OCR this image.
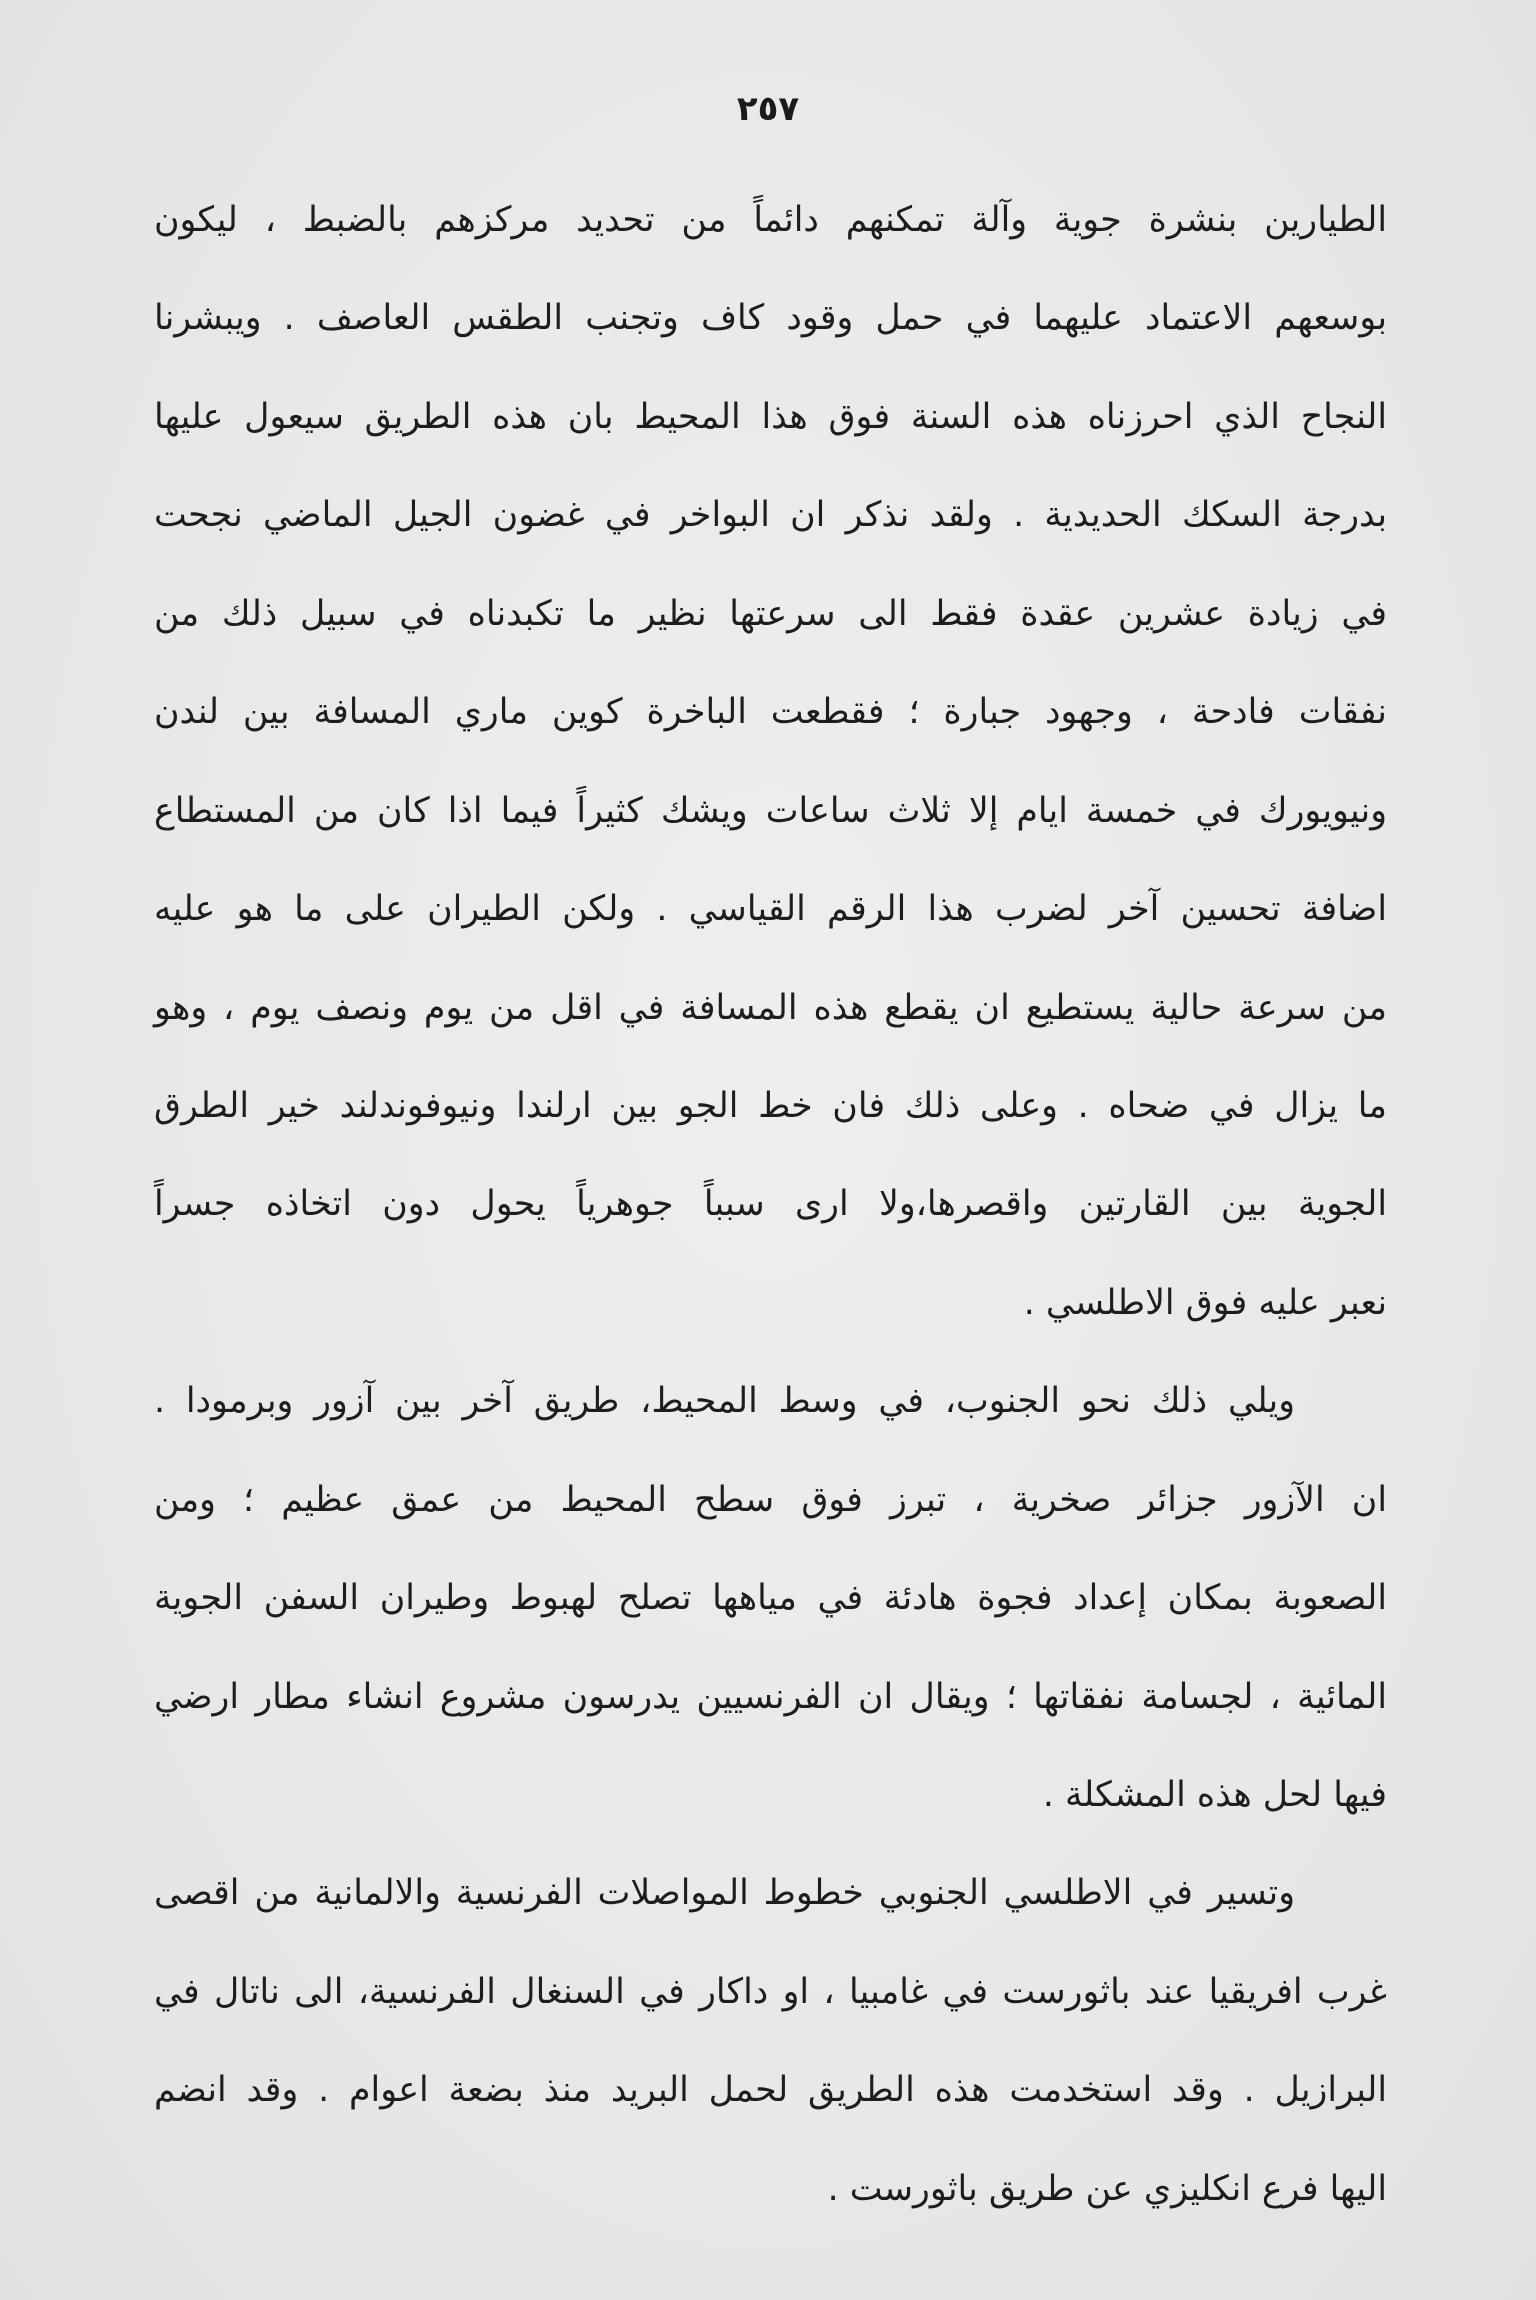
٢٥٧
الطيارين بنشرة جوية وآلة تمكنهم دائماً من تحديد مركزهم بالضبط ، ليكون
بوسعهم الاعتماد عليهما في حمل وقود كاف وتجنب الطقس العاصف . ويبشرنا
النجاح الذي احرزناه هذه السنة فوق هذا المحيط بان هذه الطريق سيعول عليها
بدرجة السكك الحديدية . ولقد نذكر ان البواخر في غضون الجيل الماضي نجحت
في زيادة عشرين عقدة فقط الى سرعتها نظير ما تكبدناه في سبيل ذلك من
نفقات فادحة ، وجهود جبارة ؛ فقطعت الباخرة كوين ماري المسافة بين لندن
ونيويورك في خمسة ايام إلا ثلاث ساعات ويشك كثيراً فيما اذا كان من المستطاع
اضافة تحسين آخر لضرب هذا الرقم القياسي . ولكن الطيران على ما هو عليه
من سرعة حالية يستطيع ان يقطع هذه المسافة في اقل من يوم ونصف يوم ، وهو
ما يزال في ضحاه . وعلى ذلك فان خط الجو بين ارلندا ونيوفوندلند خير الطرق
الجوية بين القارتين واقصرها،ولا ارى سبباً جوهرياً يحول دون اتخاذه جسراً
نعبر عليه فوق الاطلسي .
ويلي ذلك نحو الجنوب، في وسط المحيط، طريق آخر بين آزور وبرمودا .
ان الآزور جزائر صخرية ، تبرز فوق سطح المحيط من عمق عظيم ؛ ومن
الصعوبة بمكان إعداد فجوة هادئة في مياهها تصلح لهبوط وطيران السفن الجوية
المائية ، لجسامة نفقاتها ؛ ويقال ان الفرنسيين يدرسون مشروع انشاء مطار ارضي
فيها لحل هذه المشكلة .
وتسير في الاطلسي الجنوبي خطوط المواصلات الفرنسية والالمانية من اقصى
غرب افريقيا عند باثورست في غامبيا ، او داكار في السنغال الفرنسية، الى ناتال في
البرازيل . وقد استخدمت هذه الطريق لحمل البريد منذ بضعة اعوام . وقد انضم
اليها فرع انكليزي عن طريق باثورست .
